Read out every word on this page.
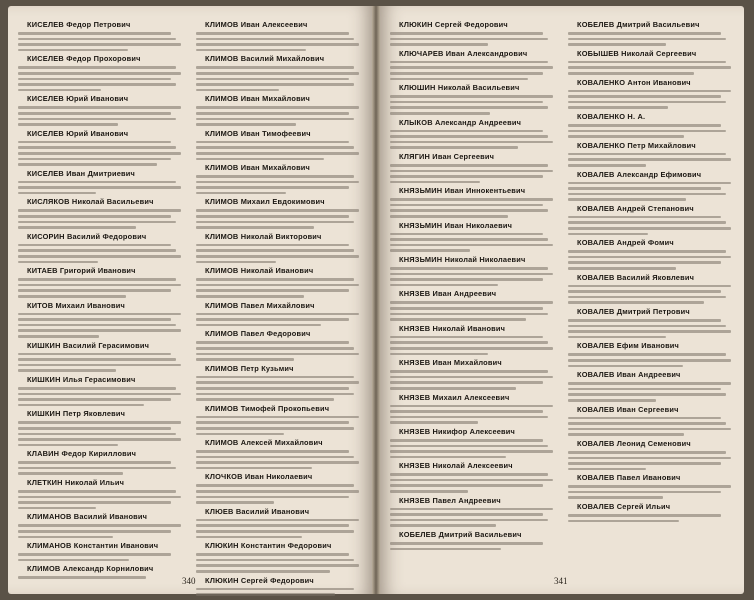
КИСЕЛЕВ Федор Петрович
КИСЕЛЕВ Федор Прохорович
КИСЕЛЕВ Юрий Иванович
КИСЕЛЕВ Юрий Иванович
КИСЕЛЕВ Иван Дмитриевич
КИСЛЯКОВ Николай Васильевич
КИСОРИН Василий Федорович
КИТАЕВ Григорий Иванович
КИТОВ Михаил Иванович
КИШКИН Василий Герасимович
КИШКИН Илья Герасимович
КИШКИН Петр Яковлевич
КЛАВИН Федор Кириллович
КЛЕТКИН Николай Ильич
КЛИМАНОВ Василий Иванович
КЛИМАНОВ Константин Иванович
КЛИМОВ Александр Корнилович
КЛИМОВ Иван Алексеевич
КЛИМОВ Василий Михайлович
КЛИМОВ Иван Михайлович
КЛИМОВ Иван Тимофеевич
КЛИМОВ Иван Михайлович
КЛИМОВ Михаил Евдокимович
КЛИМОВ Николай Викторович
КЛИМОВ Николай Иванович
КЛИМОВ Павел Михайлович
КЛИМОВ Павел Федорович
КЛИМОВ Петр Кузьмич
КЛИМОВ Тимофей Прокопьевич
КЛИМОВ Алексей Михайлович
КЛОЧКОВ Иван Николаевич
КЛЮЕВ Василий Иванович
КЛЮКИН Константин Федорович
КЛЮКИН Сергей Федорович
340
КЛЮКИН Сергей Федорович
КЛЮЧАРЕВ Иван Александрович
КЛЮШИН Николай Васильевич
КЛЫКОВ Александр Андреевич
КЛЯГИН Иван Сергеевич
КНЯЗЬМИН Иван Иннокентьевич
КНЯЗЬМИН Иван Николаевич
КНЯЗЬМИН Николай Николаевич
КНЯЗЕВ Иван Андреевич
КНЯЗЕВ Николай Иванович
КНЯЗЕВ Иван Михайлович
КНЯЗЕВ Михаил Алексеевич
КНЯЗЕВ Никифор Алексеевич
КНЯЗЕВ Николай Алексеевич
КНЯЗЕВ Павел Андреевич
КОБЕЛЕВ Дмитрий Васильевич
КОБЕЛЕВ Дмитрий Васильевич
КОБЫШЕВ Николай Сергеевич
КОВАЛЕНКО Антон Иванович
КОВАЛЕНКО Н. А.
КОВАЛЕНКО Петр Михайлович
КОВАЛЕВ Александр Ефимович
КОВАЛЕВ Андрей Степанович
КОВАЛЕВ Андрей Фомич
КОВАЛЕВ Василий Яковлевич
КОВАЛЕВ Дмитрий Петрович
КОВАЛЕВ Ефим Иванович
КОВАЛЕВ Иван Андреевич
КОВАЛЕВ Иван Сергеевич
КОВАЛЕВ Леонид Семенович
КОВАЛЕВ Павел Иванович
КОВАЛЕВ Сергей Ильич
341
